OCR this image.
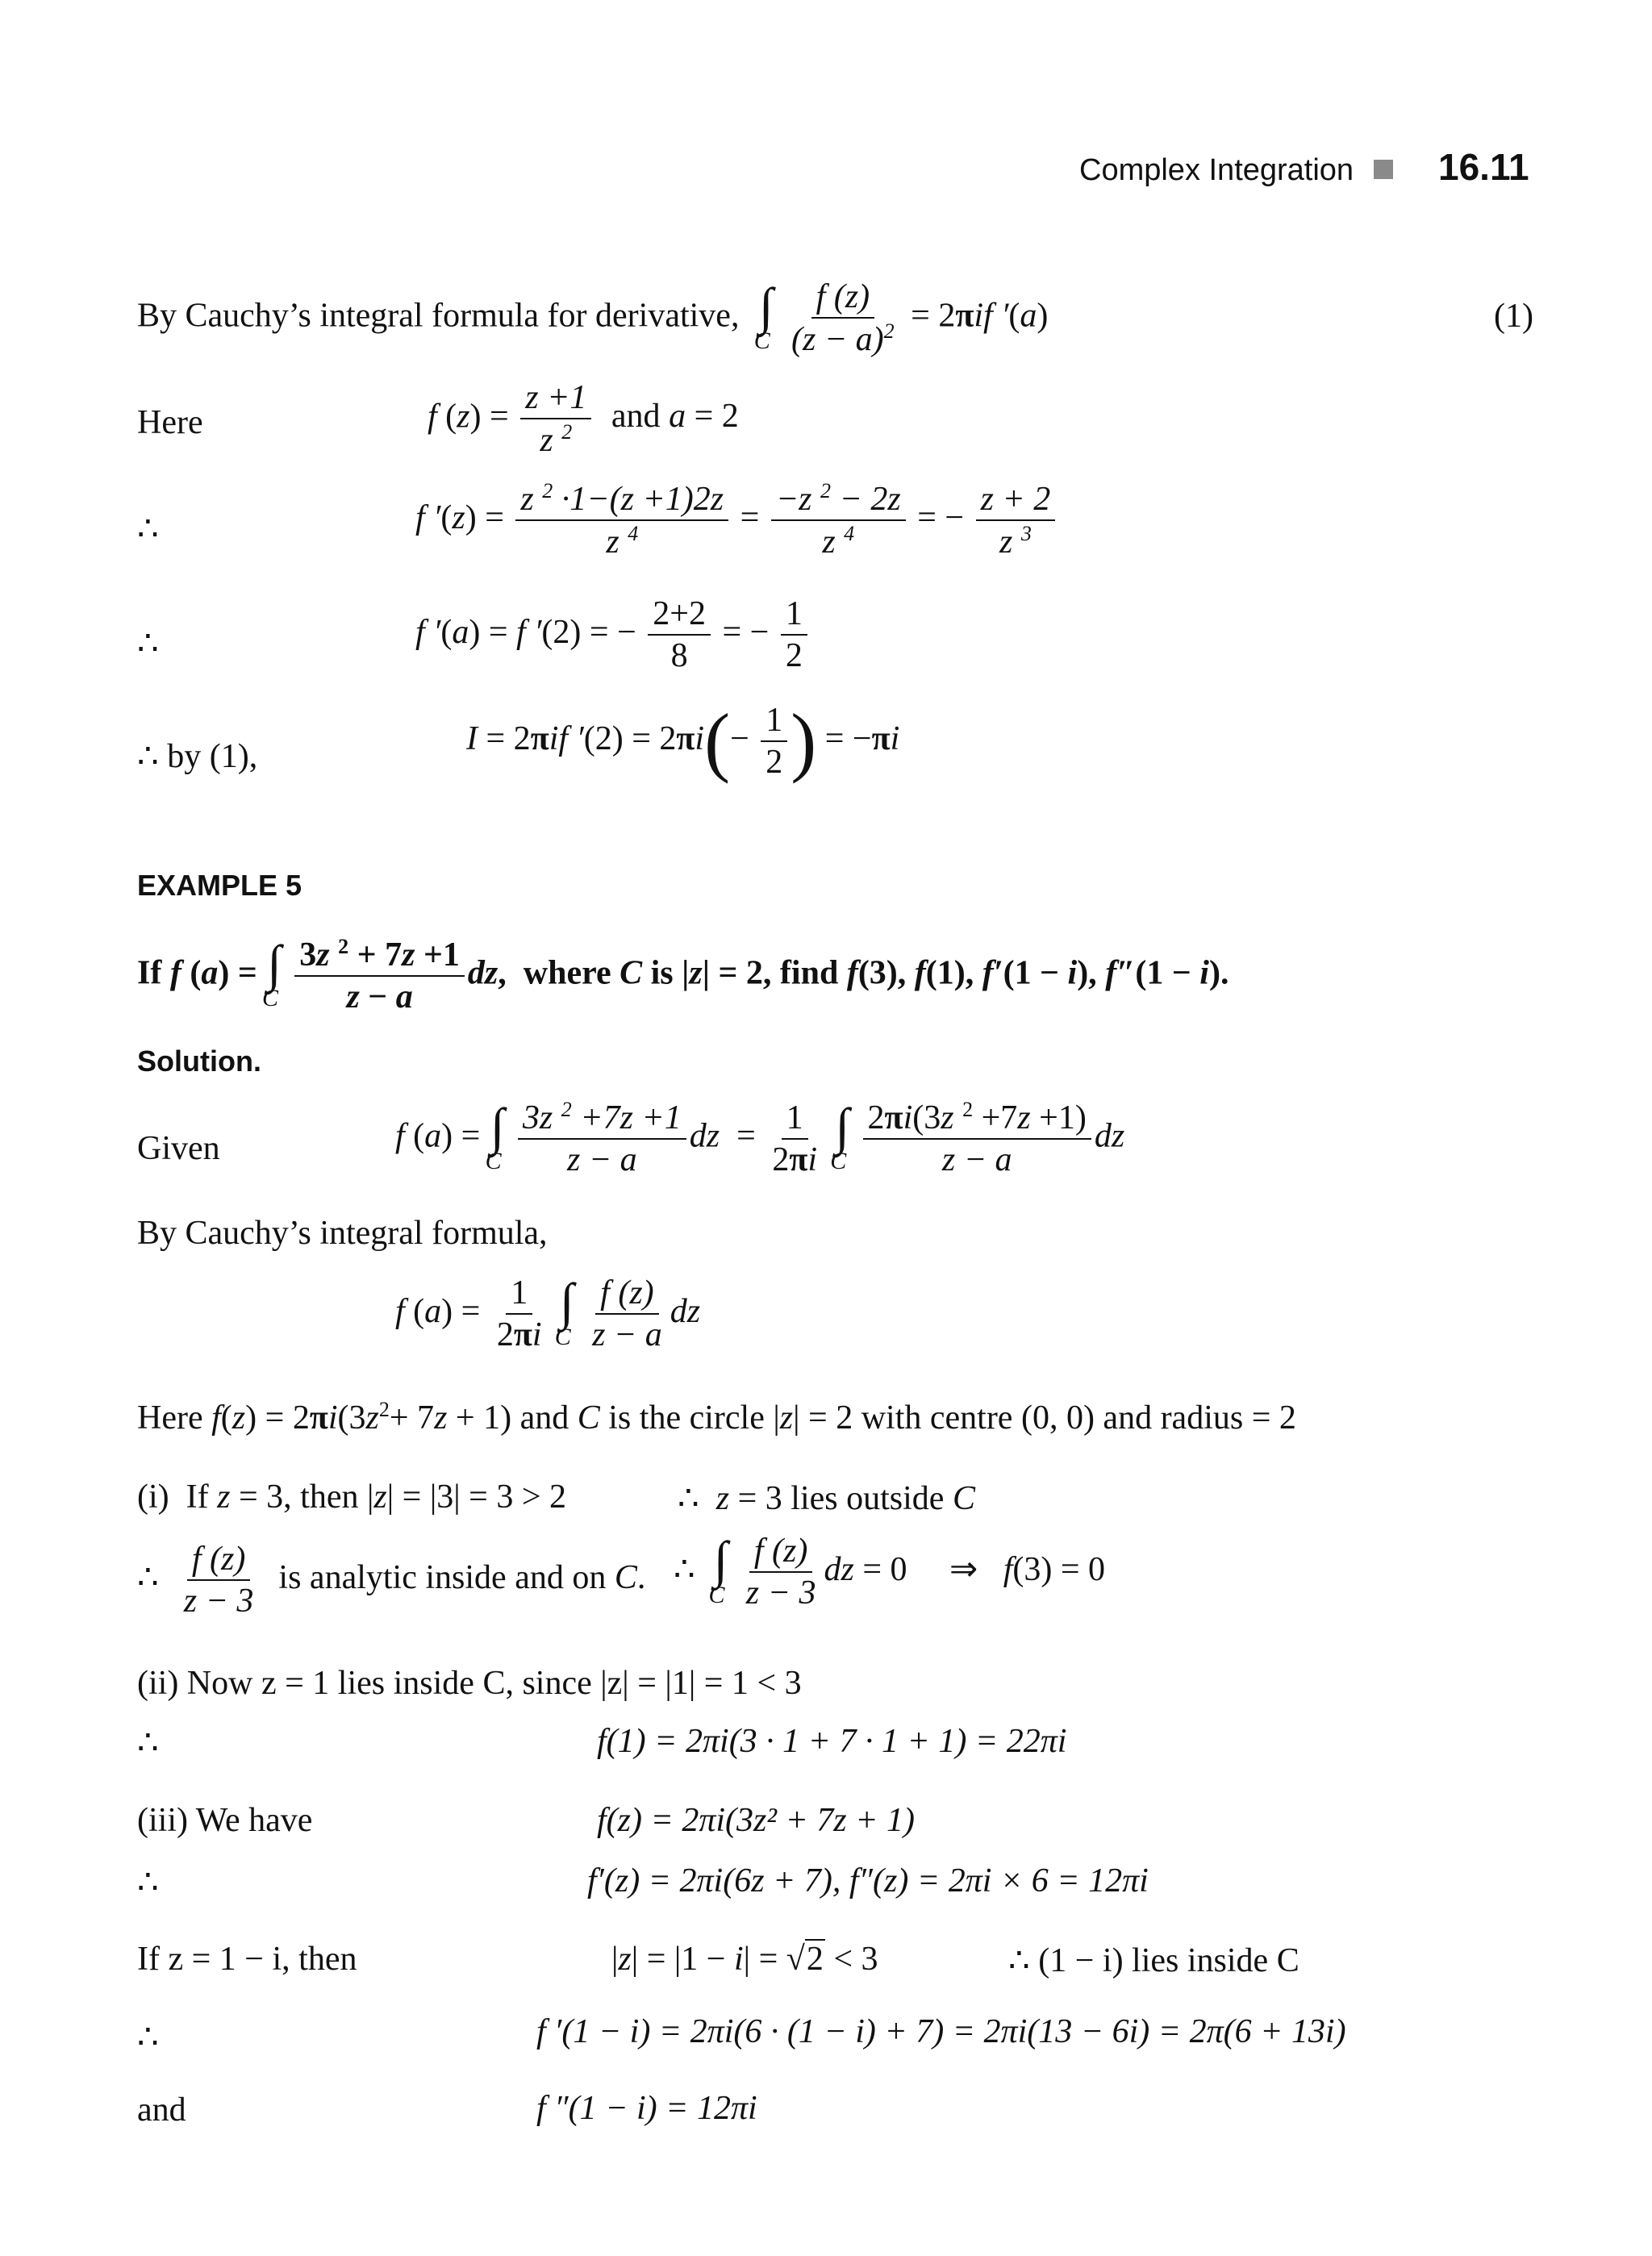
Complex Integration 16.11
By Cauchy’s integral formula for derivative, ∫
C
$\frac{f (z)}{(z - a)^2} = 2\pi if$ ′(a)	(1)
Here	f $(z) = \frac{z +1}{z ^2}$ and a = 2
∴	f $'(z) = \frac{z ^2 \cdot 1-(z +1)2z}{z ^4} = \frac{-z ^2 - 2z}{z ^4}$ = − $\frac{z + 2}{z ^3}$
∴	f ′(a) = f ′(2) = − $\frac{2+2}{8}$ = − $\frac{1}{2}$
∴ by (1),	I = 2πif $'(2) = 2\pi i(- \frac{1}{2}$ ) = −πi
EXAMPLE 5
If f (a) = ∫
C
$\frac{3z ^2 + 7z +1}{z - a}$ dz,  where C is |z| = 2, find f(3), f(1), f′(1 − i), f″(1 − i).
Solution.
Given	f (a) = ∫
C
$\frac{3z ^2 +7z +1}{z - a}$ dz  = $\frac{1}{2\pi i}$
∫
C
$\frac{2\pi i(3z ^2 +7z +1)}{z - a}$ dz
By Cauchy’s integral formula,
f $(a) = \frac{1}{2\pi i}$
∫
C
$\frac{f (z)}{z - a}$ dz
Here $f(z) = 2\pi i(3z^2+ 7z + 1)$ and C is the circle |z| = 2 with centre (0, 0) and radius = 2
(i)  If z = 3, then |z| = |3| = 3 > 2	∴  z = 3 lies outside C
∴ $\frac{f (z)}{z - 3}$ is analytic inside and on C. ∴ ∫
C
$\frac{f (z)}{z - 3}$ dz = 0     ⇒   f(3) = 0
(ii) Now z = 1 lies inside C, since |z| = |1| = 1 < 3
∴	f(1) = 2πi(3 · 1 + 7 · 1 + 1) = 22πi
(iii) We have	f(z) = 2πi(3z² + 7z + 1)
∴	f′(z) = 2πi(6z + 7), f″(z) = 2πi × 6 = 12πi
If z = 1 − i, then	|z| = |1 − i| = √2 < 3	∴ (1 − i) lies inside C
∴	f ′(1 − i) = 2πi(6 · (1 − i) + 7) = 2πi(13 − 6i) = 2π(6 + 13i)
and	f ″(1 − i) = 12πi
